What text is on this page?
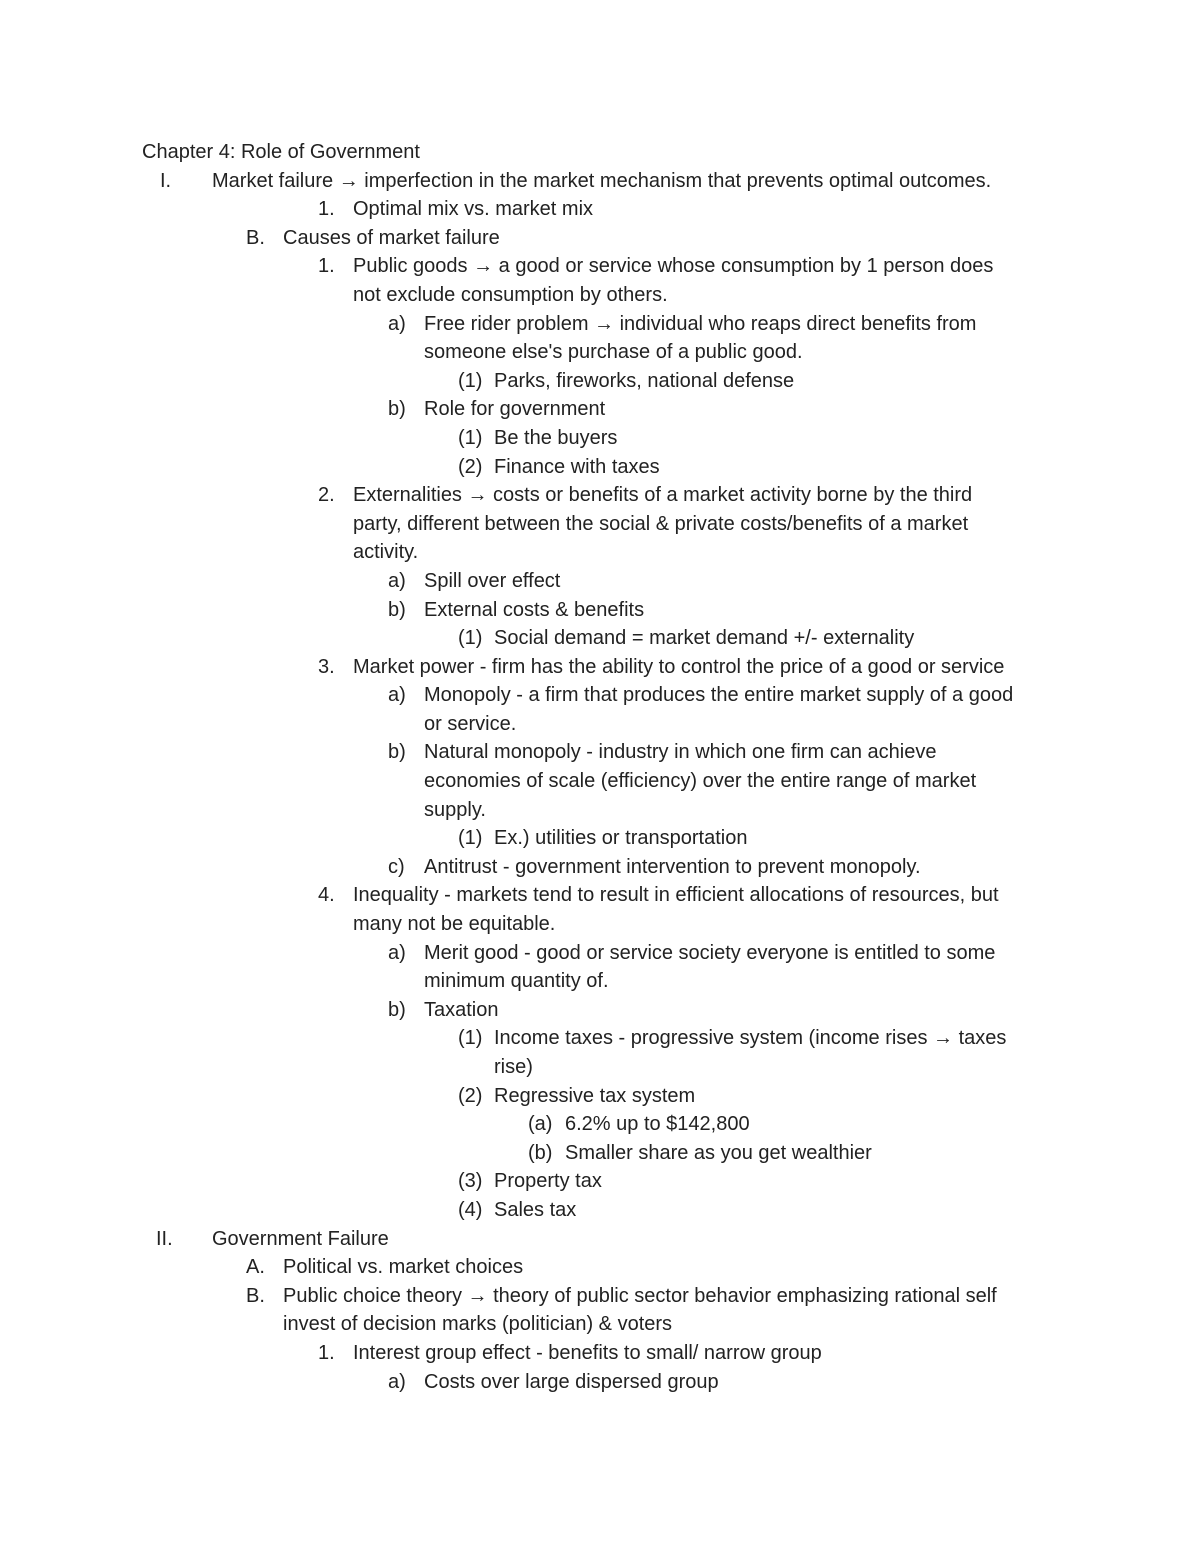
Chapter 4: Role of Government
I. Market failure → imperfection in the market mechanism that prevents optimal outcomes.
1. Optimal mix vs. market mix
B. Causes of market failure
1. Public goods → a good or service whose consumption by 1 person does
not exclude consumption by others.
a) Free rider problem → individual who reaps direct benefits from
someone else's purchase of a public good.
(1) Parks, fireworks, national defense
b) Role for government
(1) Be the buyers
(2) Finance with taxes
2. Externalities → costs or benefits of a market activity borne by the third
party, different between the social & private costs/benefits of a market
activity.
a) Spill over effect
b) External costs & benefits
(1) Social demand = market demand +/- externality
3. Market power - firm has the ability to control the price of a good or service
a) Monopoly - a firm that produces the entire market supply of a good
or service.
b) Natural monopoly - industry in which one firm can achieve
economies of scale (efficiency) over the entire range of market
supply.
(1) Ex.) utilities or transportation
c) Antitrust - government intervention to prevent monopoly.
4. Inequality - markets tend to result in efficient allocations of resources, but
many not be equitable.
a) Merit good - good or service society everyone is entitled to some
minimum quantity of.
b) Taxation
(1) Income taxes - progressive system (income rises → taxes
rise)
(2) Regressive tax system
(a) 6.2% up to $142,800
(b) Smaller share as you get wealthier
(3) Property tax
(4) Sales tax
II. Government Failure
A. Political vs. market choices
B. Public choice theory → theory of public sector behavior emphasizing rational self
invest of decision marks (politician) & voters
1. Interest group effect - benefits to small/ narrow group
a) Costs over large dispersed group
